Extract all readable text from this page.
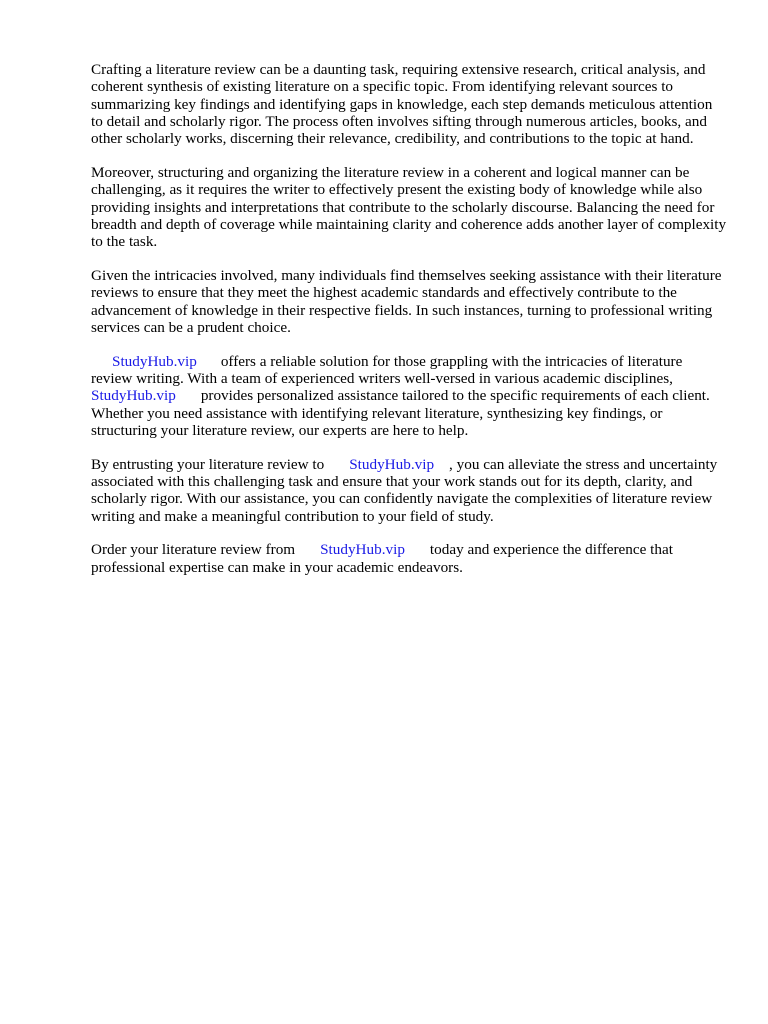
Crafting a literature review can be a daunting task, requiring extensive research, critical analysis, and coherent synthesis of existing literature on a specific topic. From identifying relevant sources to summarizing key findings and identifying gaps in knowledge, each step demands meticulous attention to detail and scholarly rigor. The process often involves sifting through numerous articles, books, and other scholarly works, discerning their relevance, credibility, and contributions to the topic at hand.

Moreover, structuring and organizing the literature review in a coherent and logical manner can be challenging, as it requires the writer to effectively present the existing body of knowledge while also providing insights and interpretations that contribute to the scholarly discourse. Balancing the need for breadth and depth of coverage while maintaining clarity and coherence adds another layer of complexity to the task.

Given the intricacies involved, many individuals find themselves seeking assistance with their literature reviews to ensure that they meet the highest academic standards and effectively contribute to the advancement of knowledge in their respective fields. In such instances, turning to professional writing services can be a prudent choice.

StudyHub.vip offers a reliable solution for those grappling with the intricacies of literature review writing. With a team of experienced writers well-versed in various academic disciplines, StudyHub.vip provides personalized assistance tailored to the specific requirements of each client. Whether you need assistance with identifying relevant literature, synthesizing key findings, or structuring your literature review, our experts are here to help.

By entrusting your literature review to StudyHub.vip , you can alleviate the stress and uncertainty associated with this challenging task and ensure that your work stands out for its depth, clarity, and scholarly rigor. With our assistance, you can confidently navigate the complexities of literature review writing and make a meaningful contribution to your field of study.

Order your literature review from StudyHub.vip today and experience the difference that professional expertise can make in your academic endeavors.
